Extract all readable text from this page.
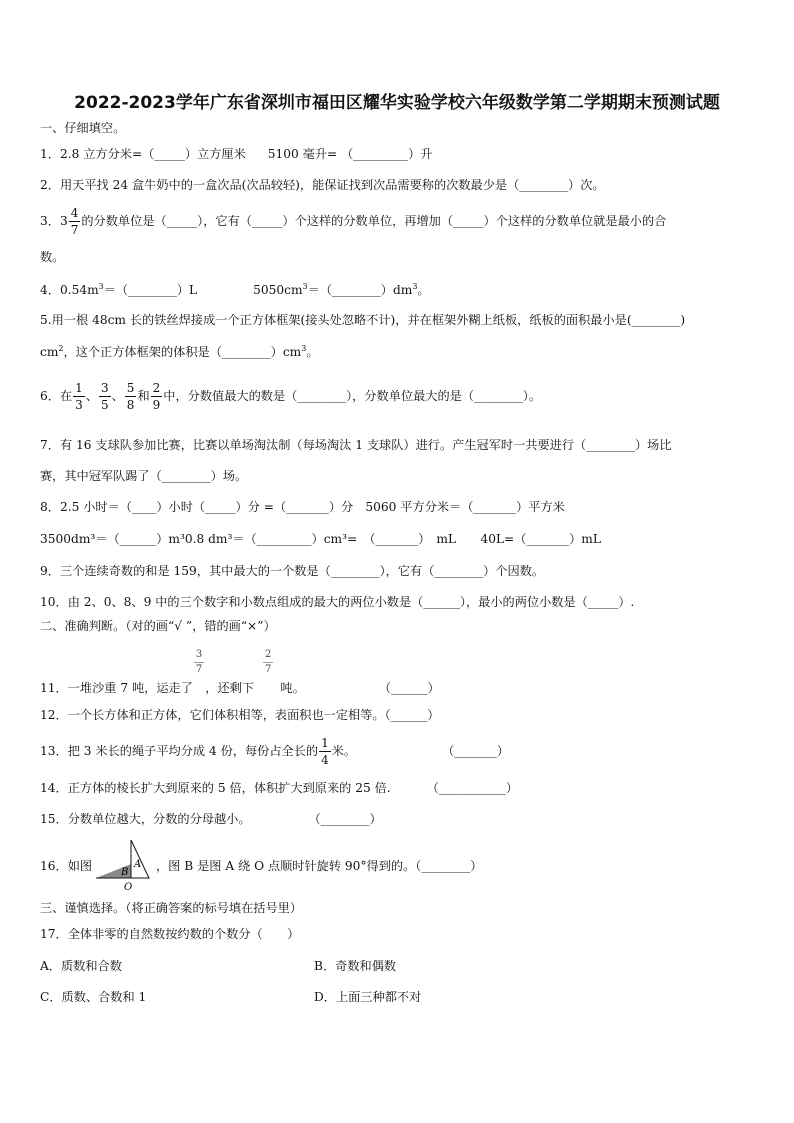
2022-2023学年广东省深圳市福田区耀华实验学校六年级数学第二学期期末预测试题
一、仔细填空。
1．2.8 立方分米=（_____）立方厘米 5100 毫升= （_________）升
2．用天平找 24 盒牛奶中的一盒次品(次品较轻)，能保证找到次品需要称的次数最少是（________）次。
3．$3 \frac{4}{7}$ 的分数单位是（_____），它有（_____）个这样的分数单位，再增加（_____）个这样的分数单位就是最小的合
数。
4．$0.54m^3=(\_\_\_\_\_\_\_\_)L$	$5050cm^3=(\_\_\_\_\_\_\_\_)dm^3$。
5.用一根 48cm 长的铁丝焊接成一个正方体框架(接头处忽略不计)，并在框架外糊上纸板，纸板的面积最小是(________)
$cm^2$，这个正方体框架的体积是$(\_\_\_\_\_\_\_\_)cm^3$。
6．在 $\frac{1}{3}$ 、 $\frac{3}{5}$ 、 $\frac{5}{8}$ 和 $\frac{2}{9}$ 中，分数值最大的数是（________），分数单位最大的是（________）。
7．有 16 支球队参加比赛，比赛以单场淘汰制（每场淘汰 1 支球队）进行。产生冠军时一共要进行（________）场比
赛，其中冠军队踢了（________）场。
8．2.5 小时＝（____）小时（_____）分 =（_______）分　5060 平方分米＝（_______）平方米
3500dm³＝（______）m³0.8 dm³＝（_________）cm³=　（_______）　mL　　40L=（_______）mL
9．三个连续奇数的和是 159，其中最大的一个数是（________），它有（________）个因数。
10．由 2、0、8、9 中的三个数字和小数点组成的最大的两位小数是（______），最小的两位小数是（_____）.
二、准确判断。（对的画“√ ”，错的画“×”）
11．一堆沙重 7 吨，运走了
$\frac{3}{7}$
，还剩下
$\frac{2}{7}$
吨。	（______）
12．一个长方体和正方体，它们体积相等，表面积也一定相等。（______）
13．把 3 米长的绳子平均分成 4 份，每份占全长的 $\frac{1}{4}$ 米。	（_______）
14．正方体的棱长扩大到原来的 5 倍，体积扩大到原来的 25 倍.	（___________）
15．分数单位越大，分数的分母越小。	（________）
16．如图	B
A
O
，图 B 是图 A 绕 O 点顺时针旋转 90°得到的。（________）
三、谨慎选择。（将正确答案的标号填在括号里）
17．全体非零的自然数按约数的个数分（　　）
A．质数和合数	B．奇数和偶数
C．质数、合数和 1	D．上面三种都不对
